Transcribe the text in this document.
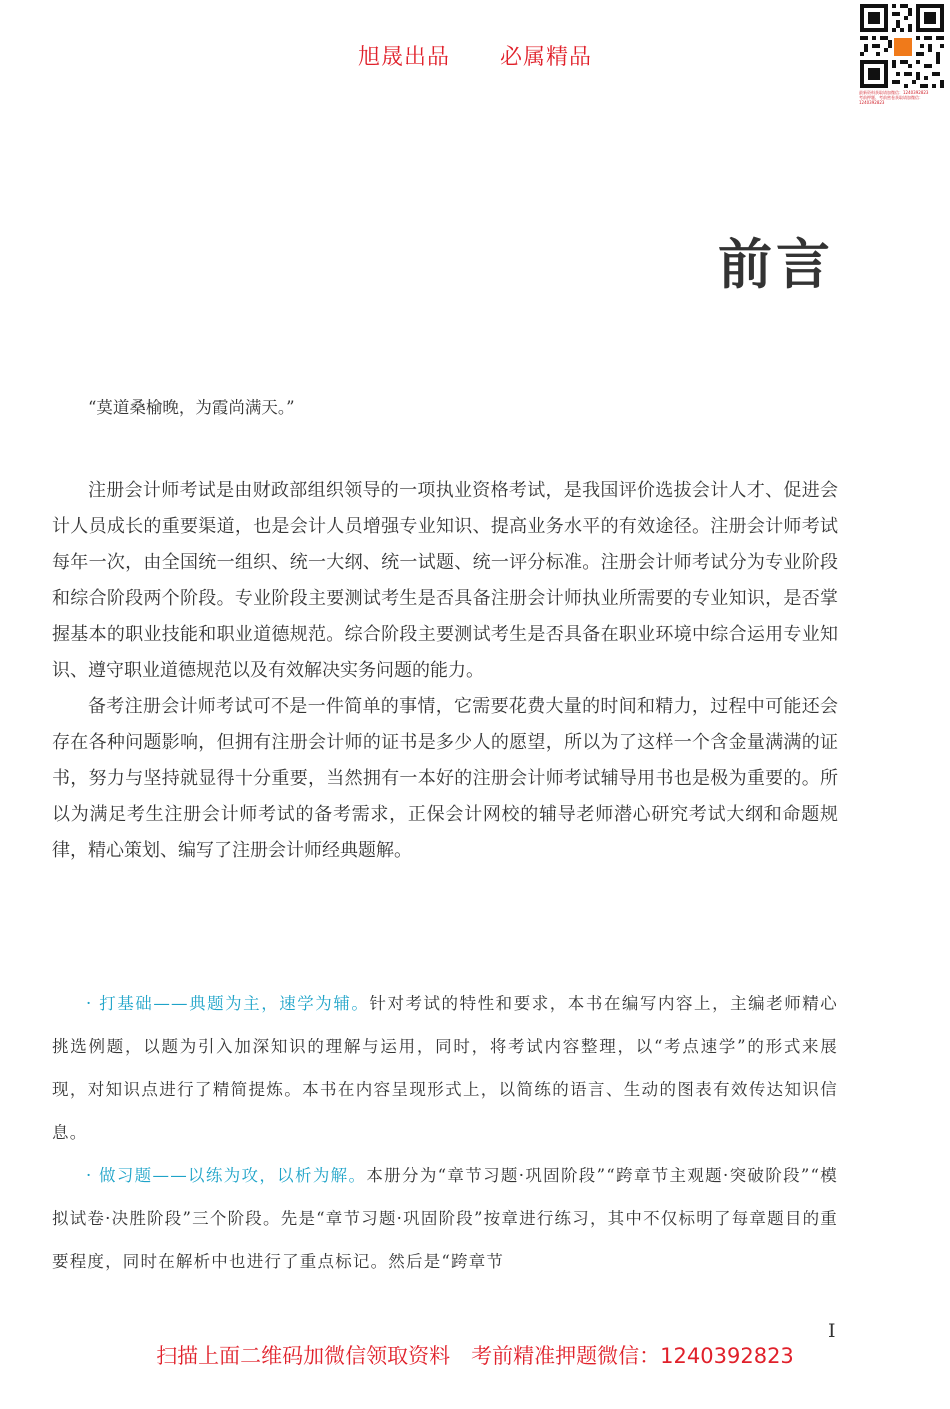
旭晟出品 必属精品
最新资料获取请加微信：1240392823
考前押题、考前密卷获取请加微信：1240392823
前言
“莫道桑榆晚，为霞尚满天。”

注册会计师考试是由财政部组织领导的一项执业资格考试，是我国评价选拔会计人才、促进会计人员成长的重要渠道，也是会计人员增强专业知识、提高业务水平的有效途径。注册会计师考试每年一次，由全国统一组织、统一大纲、统一试题、统一评分标准。注册会计师考试分为专业阶段和综合阶段两个阶段。专业阶段主要测试考生是否具备注册会计师执业所需要的专业知识，是否掌握基本的职业技能和职业道德规范。综合阶段主要测试考生是否具备在职业环境中综合运用专业知识、遵守职业道德规范以及有效解决实务问题的能力。

备考注册会计师考试可不是一件简单的事情，它需要花费大量的时间和精力，过程中可能还会存在各种问题影响，但拥有注册会计师的证书是多少人的愿望，所以为了这样一个含金量满满的证书，努力与坚持就显得十分重要，当然拥有一本好的注册会计师考试辅导用书也是极为重要的。所以为满足考生注册会计师考试的备考需求，正保会计网校的辅导老师潜心研究考试大纲和命题规律，精心策划、编写了注册会计师经典题解。

· 打基础——典题为主，速学为辅。针对考试的特性和要求，本书在编写内容上，主编老师精心挑选例题，以题为引入加深知识的理解与运用，同时，将考试内容整理，以“考点速学”的形式来展现，对知识点进行了精简提炼。本书在内容呈现形式上，以简练的语言、生动的图表有效传达知识信息。

· 做习题——以练为攻，以析为解。本册分为“章节习题·巩固阶段”“跨章节主观题·突破阶段”“模拟试卷·决胜阶段”三个阶段。先是“章节习题·巩固阶段”按章进行练习，其中不仅标明了每章题目的重要程度，同时在解析中也进行了重点标记。然后是“跨章节

I
扫描上面二维码加微信领取资料　考前精准押题微信：1240392823
